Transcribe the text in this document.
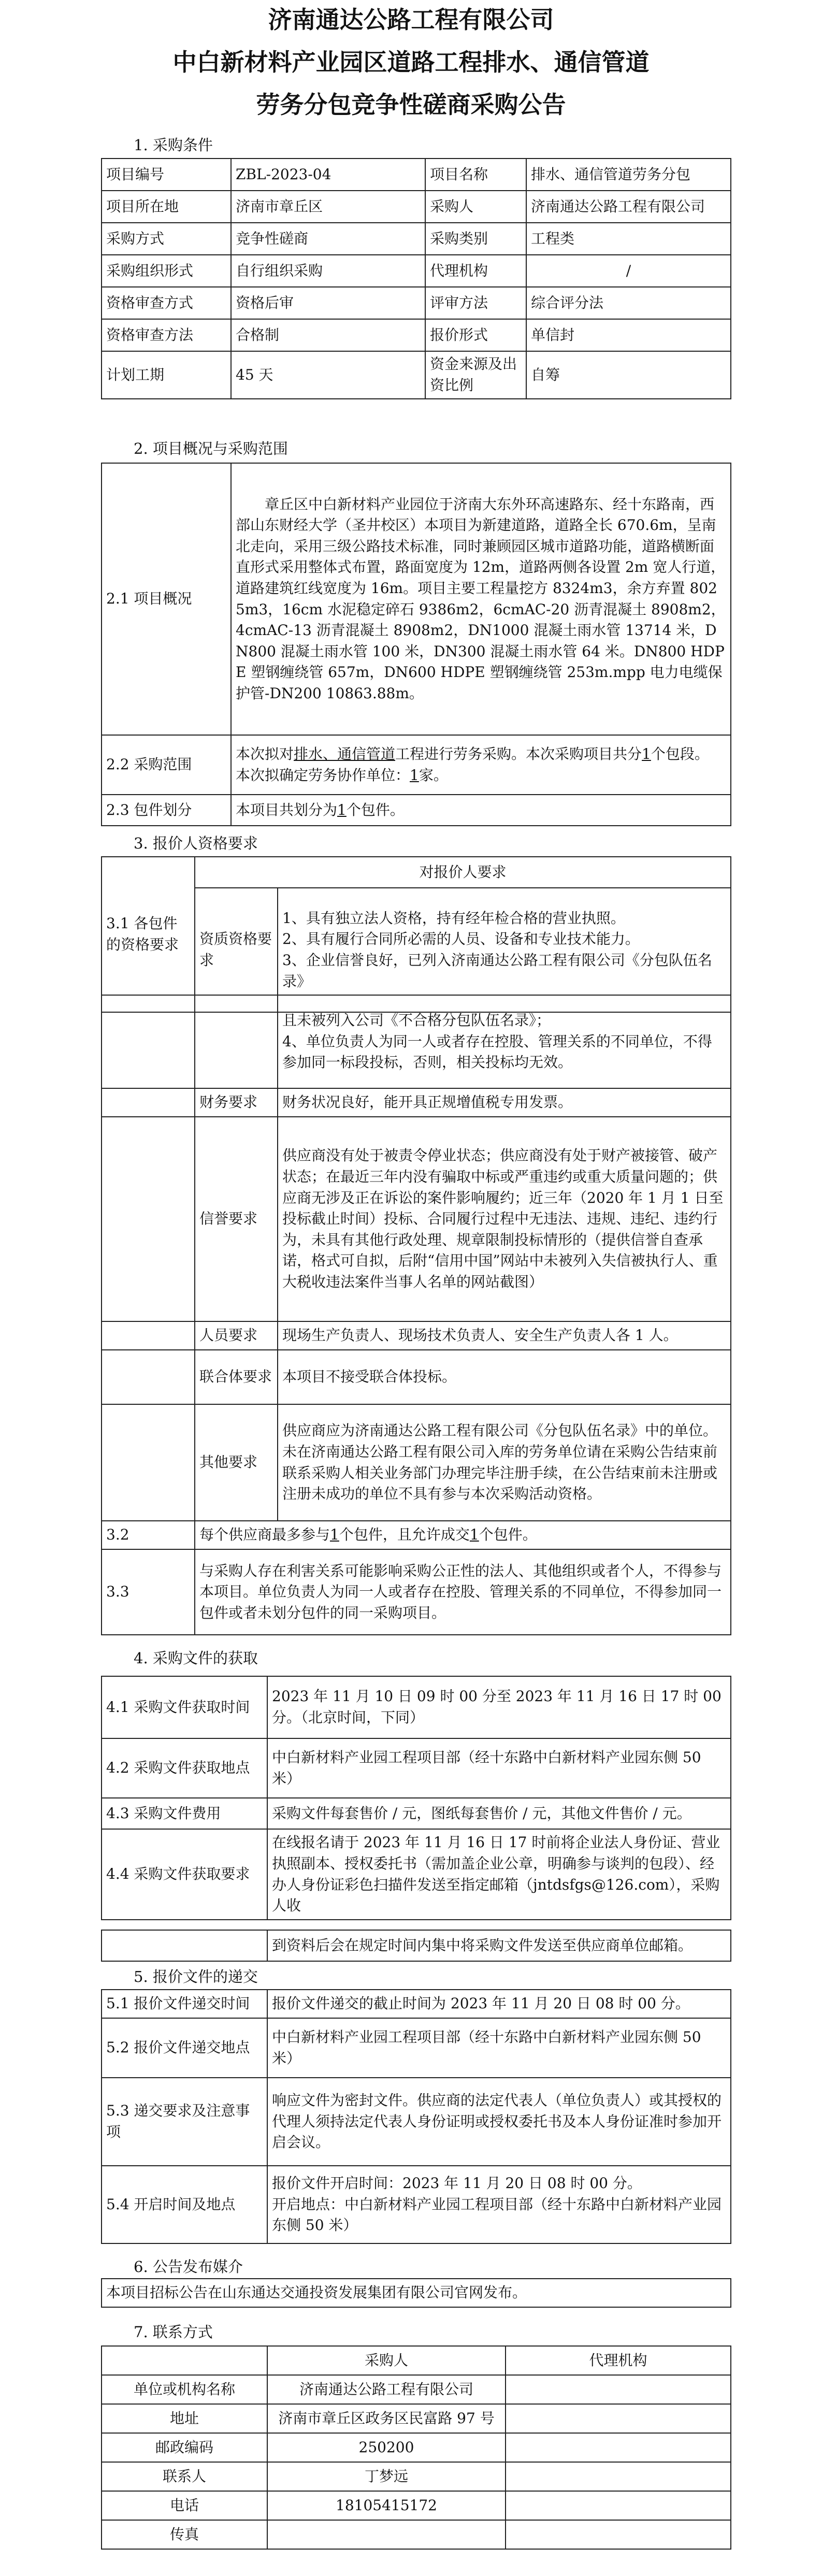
济南通达公路工程有限公司
中白新材料产业园区道路工程排水、通信管道
劳务分包竞争性磋商采购公告
1. 采购条件
项目编号	ZBL-2023-04	项目名称	排水、通信管道劳务分包
项目所在地	济南市章丘区	采购人	济南通达公路工程有限公司
采购方式	竞争性磋商	采购类别	工程类
采购组织形式	自行组织采购	代理机构	/
资格审查方式	资格后审	评审方法	综合评分法
资格审查方法	合格制	报价形式	单信封
计划工期	45 天	资金来源及出资比例	自筹
2. 项目概况与采购范围
2.1 项目概况	章丘区中白新材料产业园位于济南大东外环高速路东、经十东路南，西部山东财经大学（圣井校区）本项目为新建道路，道路全长 670.6m，呈南北走向，采用三级公路技术标准，同时兼顾园区城市道路功能，道路横断面直形式采用整体式布置，路面宽度为 12m，道路两侧各设置 2m 宽人行道，道路建筑红线宽度为 16m。项目主要工程量挖方 8324m3，余方弃置 8025m3，16cm 水泥稳定碎石 9386m2，6cmAC-20 沥青混凝土 8908m2，4cmAC-13 沥青混凝土 8908m2，DN1000 混凝土雨水管 13714 米，DN800 混凝土雨水管 100 米，DN300 混凝土雨水管 64 米。DN800 HDPE 塑钢缠绕管 657m，DN600 HDPE 塑钢缠绕管 253m.mpp 电力电缆保护管-DN200 10863.88m。
2.2 采购范围	本次拟对排水、通信管道工程进行劳务采购。本次采购项目共分1个包段。
本次拟确定劳务协作单位：1家。
2.3 包件划分	本项目共划分为1个包件。
3. 报价人资格要求
3.1 各包件的资格要求	对报价人要求	
	资质资格要求	1、具有独立法人资格，持有经年检合格的营业执照。
2、具有履行合同所必需的人员、设备和专业技术能力。
3、企业信誉良好，已列入济南通达公路工程有限公司《分包队伍名录》

		且未被列入公司《不合格分包队伍名录》；
4、单位负责人为同一人或者存在控股、管理关系的不同单位，不得参加同一标段投标，否则，相关投标均无效。

	财务要求	财务状况良好，能开具正规增值税专用发票。
	信誉要求	供应商没有处于被责令停业状态；供应商没有处于财产被接管、破产状态；在最近三年内没有骗取中标或严重违约或重大质量问题的；供应商无涉及正在诉讼的案件影响履约；近三年（2020 年 1 月 1 日至投标截止时间）投标、合同履行过程中无违法、违规、违纪、违约行为，未具有其他行政处理、规章限制投标情形的（提供信誉自查承诺，格式可自拟，后附“信用中国”网站中未被列入失信被执行人、重大税收违法案件当事人名单的网站截图）
	人员要求	现场生产负责人、现场技术负责人、安全生产负责人各 1 人。
	联合体要求	本项目不接受联合体投标。
	其他要求	供应商应为济南通达公路工程有限公司《分包队伍名录》中的单位。未在济南通达公路工程有限公司入库的劳务单位请在采购公告结束前联系采购人相关业务部门办理完毕注册手续，在公告结束前未注册或注册未成功的单位不具有参与本次采购活动资格。
3.2	每个供应商最多参与1个包件，且允许成交1个包件。	
3.3	与采购人存在利害关系可能影响采购公正性的法人、其他组织或者个人，不得参与本项目。单位负责人为同一人或者存在控股、管理关系的不同单位，不得参加同一包件或者未划分包件的同一采购项目。	
4. 采购文件的获取
4.1 采购文件获取时间	2023 年 11 月 10 日 09 时 00 分至 2023 年 11 月 16 日 17 时 00 分。（北京时间，下同）
4.2 采购文件获取地点	中白新材料产业园工程项目部（经十东路中白新材料产业园东侧 50 米）
4.3 采购文件费用	采购文件每套售价 / 元，图纸每套售价 / 元，其他文件售价 / 元。
4.4 采购文件获取要求	在线报名请于 2023 年 11 月 16 日 17 时前将企业法人身份证、营业执照副本、授权委托书（需加盖企业公章，明确参与谈判的包段）、经办人身份证彩色扫描件发送至指定邮箱（jntdsfgs@126.com），采购人收
	到资料后会在规定时间内集中将采购文件发送至供应商单位邮箱。
5. 报价文件的递交
5.1 报价文件递交时间	报价文件递交的截止时间为 2023 年 11 月 20 日 08 时 00 分。
5.2 报价文件递交地点	中白新材料产业园工程项目部（经十东路中白新材料产业园东侧 50 米）
5.3 递交要求及注意事项	响应文件为密封文件。供应商的法定代表人（单位负责人）或其授权的代理人须持法定代表人身份证明或授权委托书及本人身份证准时参加开启会议。
5.4 开启时间及地点	报价文件开启时间：2023 年 11 月 20 日 08 时 00 分。
开启地点：中白新材料产业园工程项目部（经十东路中白新材料产业园东侧 50 米）
6. 公告发布媒介
本项目招标公告在山东通达交通投资发展集团有限公司官网发布。
7. 联系方式
	采购人	代理机构
单位或机构名称	济南通达公路工程有限公司	
地址	济南市章丘区政务区民富路 97 号	
邮政编码	250200	
联系人	丁梦远	
电话	18105415172	
传真		
